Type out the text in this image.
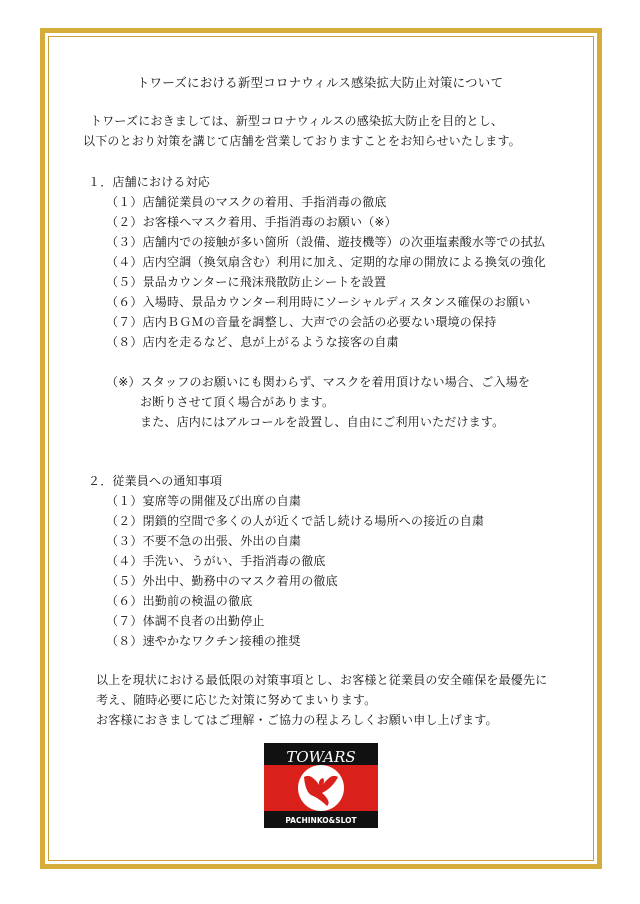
トワーズにおける新型コロナウィルス感染拡大防止対策について
トワーズにおきましては、新型コロナウィルスの感染拡大防止を目的とし、
以下のとおり対策を講じて店舗を営業しておりますことをお知らせいたします。
１．店舗における対応
（１）店舗従業員のマスクの着用、手指消毒の徹底
（２）お客様へマスク着用、手指消毒のお願い（※）
（３）店舗内での接触が多い箇所（設備、遊技機等）の次亜塩素酸水等での拭払
（４）店内空調（換気扇含む）利用に加え、定期的な扉の開放による換気の強化
（５）景品カウンターに飛沫飛散防止シートを設置
（６）入場時、景品カウンター利用時にソーシャルディスタンス確保のお願い
（７）店内ＢＧＭの音量を調整し、大声での会話の必要ない環境の保持
（８）店内を走るなど、息が上がるような接客の自粛
（※）スタッフのお願いにも関わらず、マスクを着用頂けない場合、ご入場を
お断りさせて頂く場合があります。
また、店内にはアルコールを設置し、自由にご利用いただけます。
２．従業員への通知事項
（１）宴席等の開催及び出席の自粛
（２）閉鎖的空間で多くの人が近くで話し続ける場所への接近の自粛
（３）不要不急の出張、外出の自粛
（４）手洗い、うがい、手指消毒の徹底
（５）外出中、勤務中のマスク着用の徹底
（６）出勤前の検温の徹底
（７）体調不良者の出勤停止
（８）速やかなワクチン接種の推奨
以上を現状における最低限の対策事項とし、お客様と従業員の安全確保を最優先に
考え、随時必要に応じた対策に努めてまいります。
お客様におきましてはご理解・ご協力の程よろしくお願い申し上げます。
TOWARS
PACHINKO&SLOT
